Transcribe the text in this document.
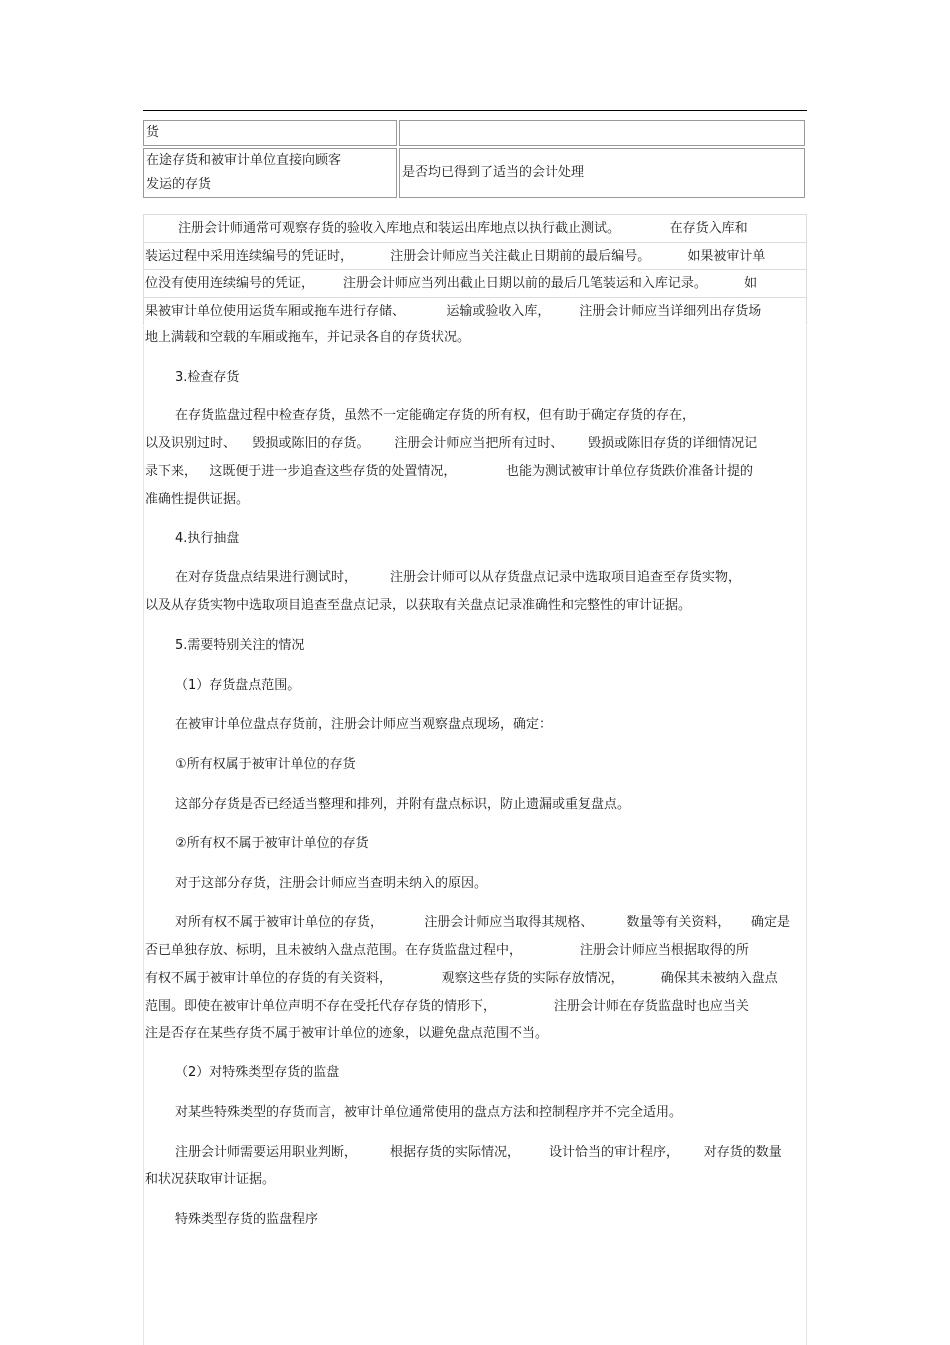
货	

在途存货和被审计单位直接向顾客
发运的存货	是否均已得到了适当的会计处理
注册会计师通常可观察存货的验收入库地点和装运出库地点以执行截止测试。            在存货入库和
装运过程中采用连续编号的凭证时，         注册会计师应当关注截止日期前的最后编号。         如果被审计单
位没有使用连续编号的凭证，       注册会计师应当列出截止日期以前的最后几笔装运和入库记录。         如
果被审计单位使用运货车厢或拖车进行存储、          运输或验收入库，       注册会计师应当详细列出存货场
地上满载和空载的车厢或拖车，并记录各自的存货状况。
3.检查存货
在存货监盘过程中检查存货，虽然不一定能确定存货的所有权，但有助于确定存货的存在，
以及识别过时、    毁损或陈旧的存货。      注册会计师应当把所有过时、      毁损或陈旧存货的详细情况记
录下来，   这既便于进一步追查这些存货的处置情况，            也能为测试被审计单位存货跌价准备计提的
准确性提供证据。
4.执行抽盘
在对存货盘点结果进行测试时，        注册会计师可以从存货盘点记录中选取项目追查至存货实物，
以及从存货实物中选取项目追查至盘点记录，以获取有关盘点记录准确性和完整性的审计证据。
5.需要特别关注的情况
（1）存货盘点范围。
在被审计单位盘点存货前，注册会计师应当观察盘点现场，确定：
①所有权属于被审计单位的存货
这部分存货是否已经适当整理和排列，并附有盘点标识，防止遗漏或重复盘点。
②所有权不属于被审计单位的存货
对于这部分存货，注册会计师应当查明未纳入的原因。
对所有权不属于被审计单位的存货，          注册会计师应当取得其规格、        数量等有关资料，     确定是
否已单独存放、标明，且未被纳入盘点范围。在存货监盘过程中，              注册会计师应当根据取得的所
有权不属于被审计单位的存货的有关资料，            观察这些存货的实际存放情况，         确保其未被纳入盘点
范围。即使在被审计单位声明不存在受托代存存货的情形下，              注册会计师在存货监盘时也应当关
注是否存在某些存货不属于被审计单位的迹象，以避免盘点范围不当。
（2）对特殊类型存货的监盘
对某些特殊类型的存货而言，被审计单位通常使用的盘点方法和控制程序并不完全适用。
注册会计师需要运用职业判断，        根据存货的实际情况，       设计恰当的审计程序，      对存货的数量
和状况获取审计证据。
特殊类型存货的监盘程序
